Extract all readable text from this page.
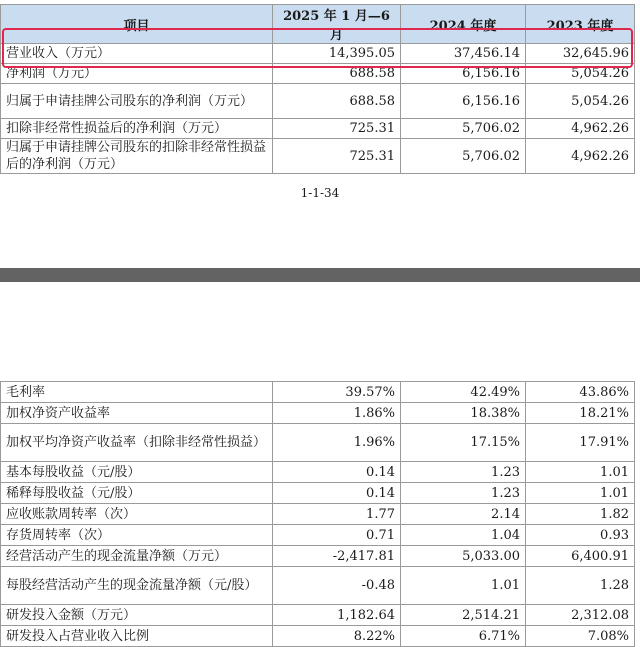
项目	2025 年 1 月—6 月	2024 年度	2023 年度
营业收入（万元）	14,395.05	37,456.14	32,645.96
净利润（万元）	688.58	6,156.16	5,054.26
归属于申请挂牌公司股东的净利润（万元）	688.58	6,156.16	5,054.26
扣除非经常性损益后的净利润（万元）	725.31	5,706.02	4,962.26
归属于申请挂牌公司股东的扣除非经常性损益后的净利润（万元）	725.31	5,706.02	4,962.26
1-1-34
毛利率	39.57%	42.49%	43.86%
加权净资产收益率	1.86%	18.38%	18.21%
加权平均净资产收益率（扣除非经常性损益）	1.96%	17.15%	17.91%
基本每股收益（元/股）	0.14	1.23	1.01
稀释每股收益（元/股）	0.14	1.23	1.01
应收账款周转率（次）	1.77	2.14	1.82
存货周转率（次）	0.71	1.04	0.93
经营活动产生的现金流量净额（万元）	-2,417.81	5,033.00	6,400.91
每股经营活动产生的现金流量净额（元/股）	-0.48	1.01	1.28
研发投入金额（万元）	1,182.64	2,514.21	2,312.08
研发投入占营业收入比例	8.22%	6.71%	7.08%
